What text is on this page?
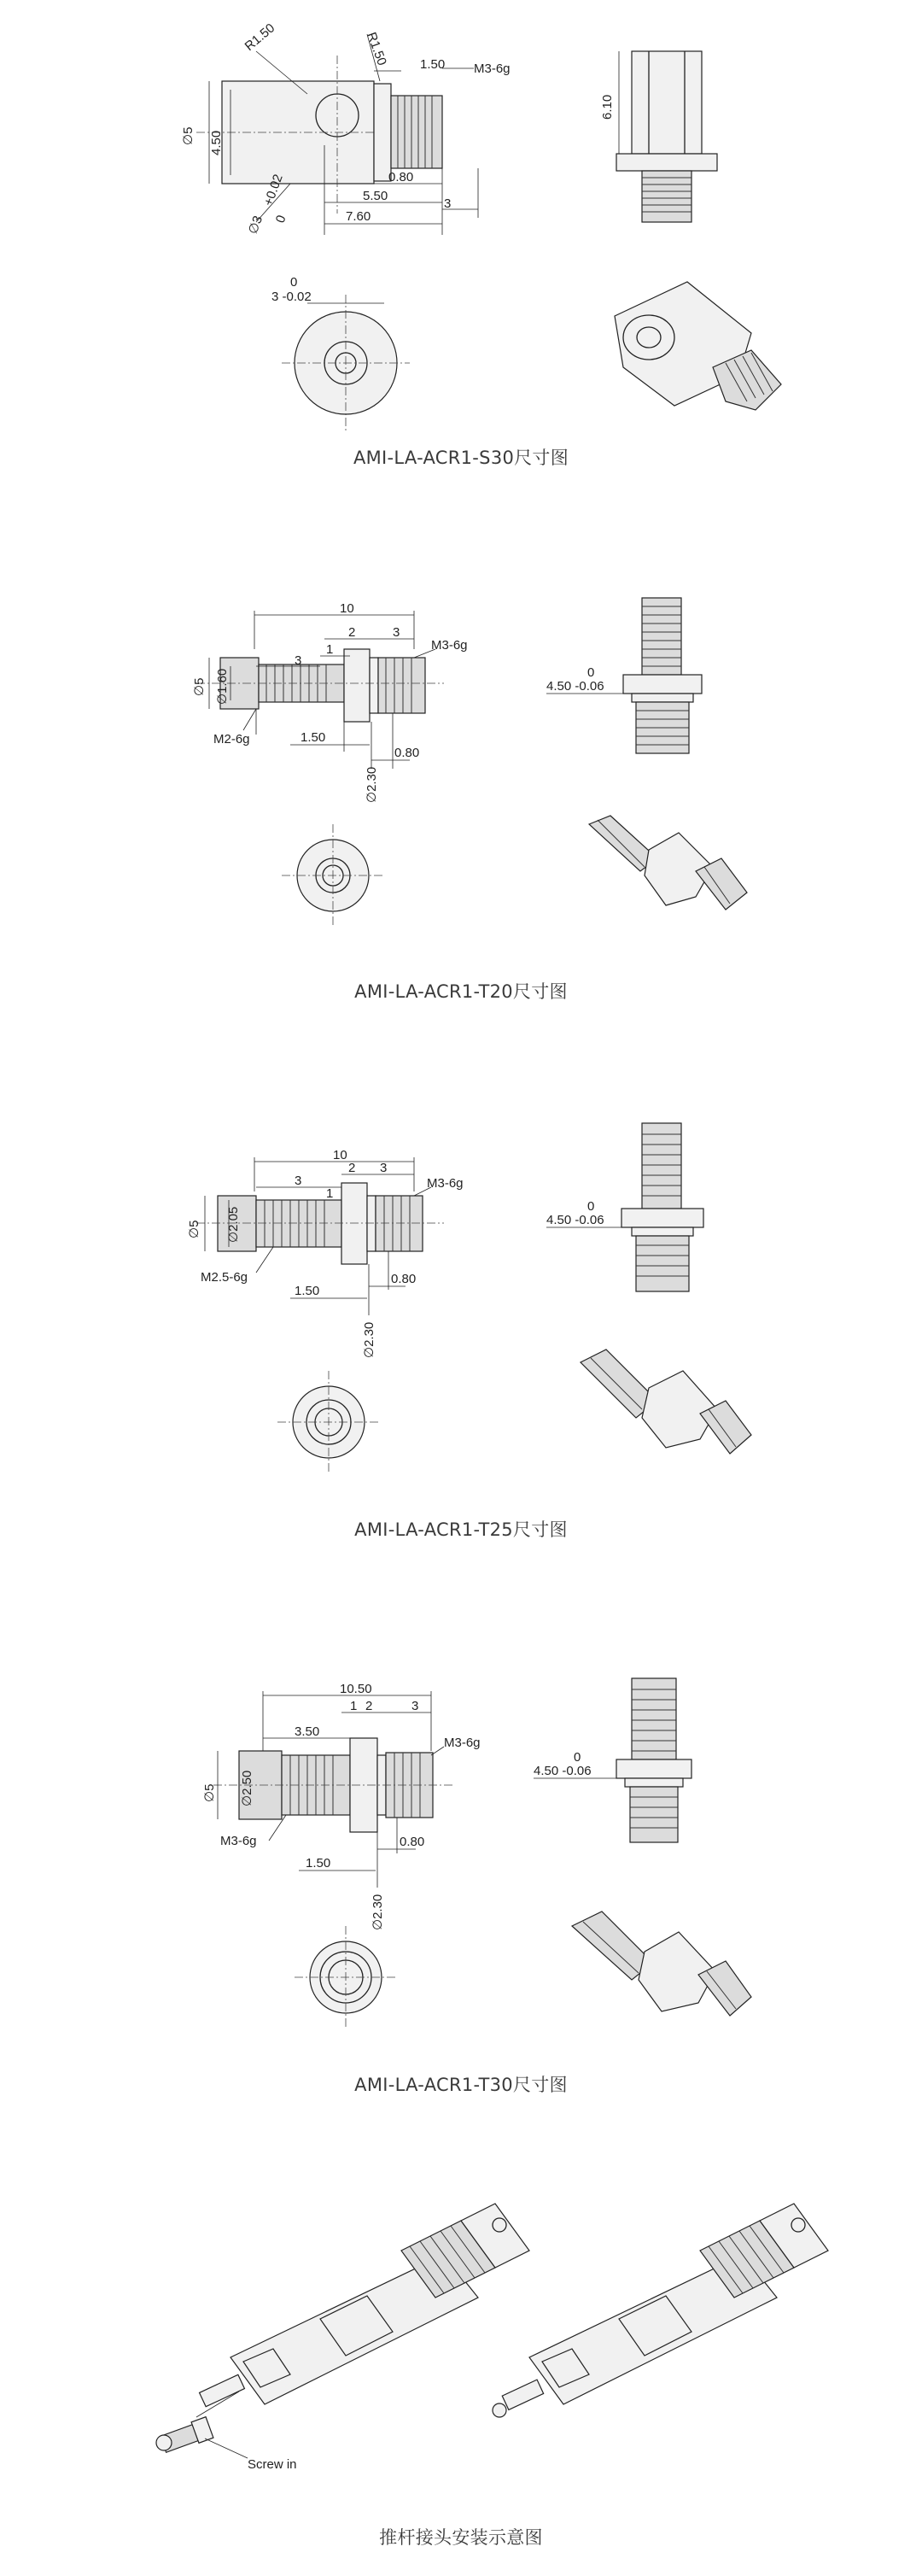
R1.50	R1.50 1.50 M3-6g
∅5 4.50
+0.02
0
∅3
0.80
5.50
7.60
3
6.10
0
3 -0.02
AMI-LA-ACR1-S30尺寸图
10
2	3
1
3
M3-6g
∅5 ∅1.60
M2-6g	1.50
0.80
∅2.30
0
4.50 -0.06
AMI-LA-ACR1-T20尺寸图
10
3
2 3
1
M3-6g
∅5 ∅2.05
M2.5-6g
1.50
0.80
∅2.30
0
4.50 -0.06
AMI-LA-ACR1-T25尺寸图
10.50
1 2	3
3.50
M3-6g
∅5 ∅2.50
M3-6g
1.50
0.80
∅2.30
0
4.50 -0.06
AMI-LA-ACR1-T30尺寸图
Screw in
推杆接头安装示意图
